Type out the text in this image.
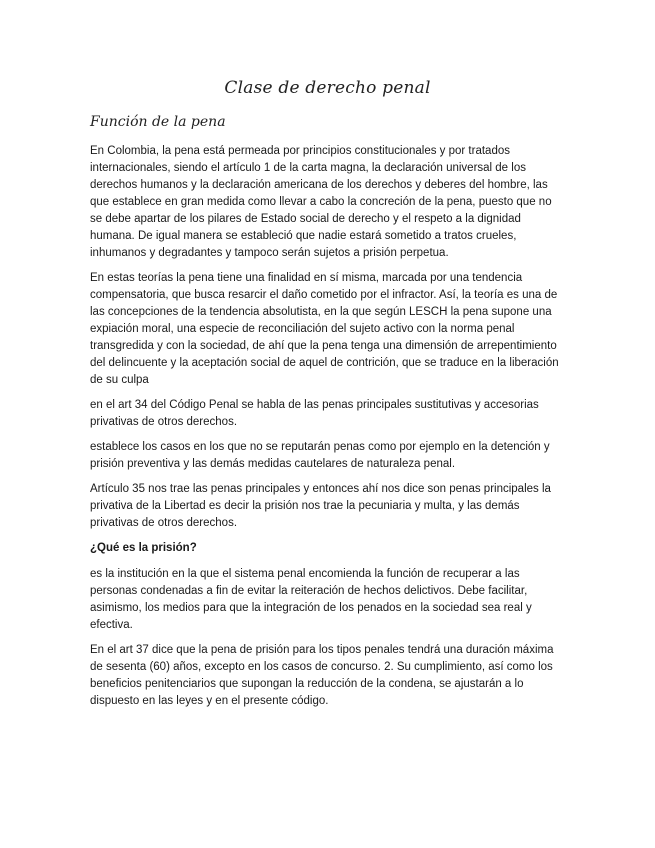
Clase de derecho penal
Función de la pena

En Colombia, la pena está permeada por principios constitucionales y por tratados internacionales, siendo el artículo 1 de la carta magna, la declaración universal de los derechos humanos y la declaración americana de los derechos y deberes del hombre, las que establece en gran medida como llevar a cabo la concreción de la pena, puesto que no se debe apartar de los pilares de Estado social de derecho y el respeto a la dignidad humana. De igual manera se estableció que nadie estará sometido a tratos crueles, inhumanos y degradantes y tampoco serán sujetos a prisión perpetua.

En estas teorías la pena tiene una finalidad en sí misma, marcada por una tendencia compensatoria, que busca resarcir el daño cometido por el infractor. Así, la teoría es una de las concepciones de la tendencia absolutista, en la que según LESCH la pena supone una expiación moral, una especie de reconciliación del sujeto activo con la norma penal transgredida y con la sociedad, de ahí que la pena tenga una dimensión de arrepentimiento del delincuente y la aceptación social de aquel de contrición, que se traduce en la liberación de su culpa

en el art 34 del Código Penal se habla de las penas principales sustitutivas y accesorias privativas de otros derechos.

establece los casos en los que no se reputarán penas como por ejemplo en la detención y prisión preventiva y las demás medidas cautelares de naturaleza penal.

Artículo 35 nos trae las penas principales y entonces ahí nos dice son penas principales la privativa de la Libertad es decir la prisión nos trae la pecuniaria y multa, y las demás privativas de otros derechos.

¿Qué es la prisión?

es la institución en la que el sistema penal encomienda la función de recuperar a las personas condenadas a fin de evitar la reiteración de hechos delictivos. Debe facilitar, asimismo, los medios para que la integración de los penados en la sociedad sea real y efectiva.

En el art 37 dice que la pena de prisión para los tipos penales tendrá una duración máxima de sesenta (60) años, excepto en los casos de concurso. 2. Su cumplimiento, así como los beneficios penitenciarios que supongan la reducción de la condena, se ajustarán a lo dispuesto en las leyes y en el presente código.
